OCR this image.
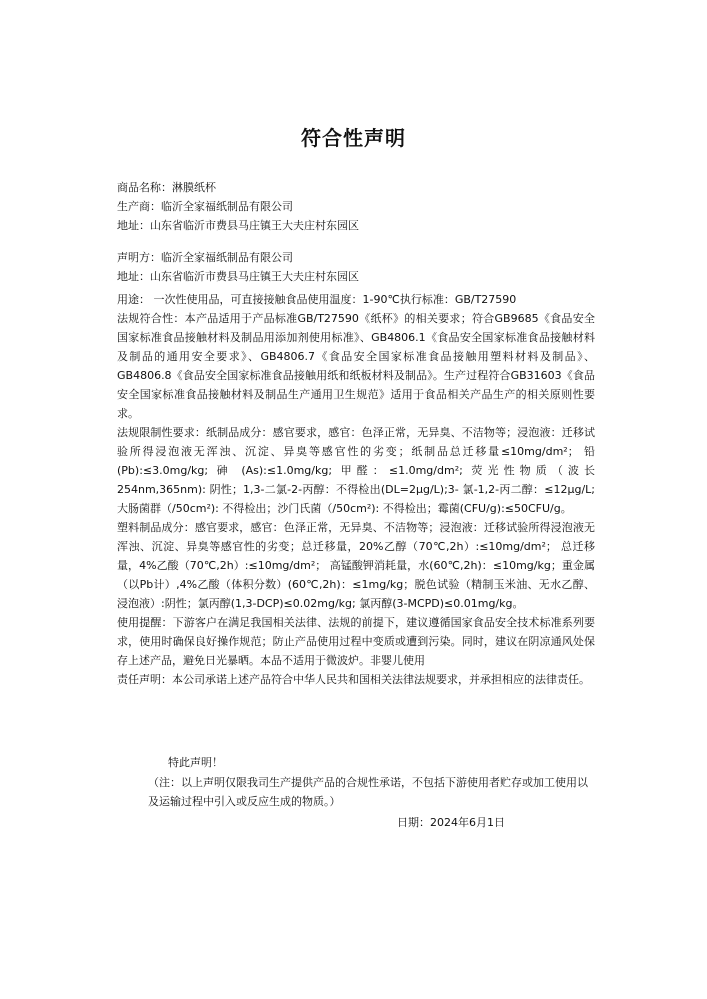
符合性声明
商品名称：淋膜纸杯
生产商：临沂全家福纸制品有限公司
地址：山东省临沂市费县马庄镇王大夫庄村东园区
声明方：临沂全家福纸制品有限公司
地址：山东省临沂市费县马庄镇王大夫庄村东园区

用途： 一次性使用品，可直接接触食品使用温度：1-90℃执行标准：GB/T27590

法规符合性：本产品适用于产品标准GB/T27590《纸杯》的相关要求；符合GB9685《食品安全国家标准食品接触材料及制品用添加剂使用标准》、GB4806.1《食品安全国家标准食品接触材料及制品的通用安全要求》、GB4806.7《食品安全国家标准食品接触用塑料材料及制品》、GB4806.8《食品安全国家标准食品接触用纸和纸板材料及制品》。生产过程符合GB31603《食品安全国家标准食品接触材料及制品生产通用卫生规范》适用于食品相关产品生产的相关原则性要求。

法规限制性要求：纸制品成分：感官要求，感官：色泽正常，无异臭、不洁物等；浸泡液：迁移试验所得浸泡液无浑浊、沉淀、异臭等感官性的劣变；纸制品总迁移量≤10mg/dm²； 铅(Pb):≤3.0mg/kg; 砷 (As):≤1.0mg/kg; 甲醛：≤1.0mg/dm²; 荧光性物质（波长254nm,365nm): 阴性；1,3-二氯-2-丙醇：不得检出(DL=2μg/L);3- 氯-1,2-丙二醇：≤12μg/L; 大肠菌群（/50cm²): 不得检出；沙门氏菌（/50cm²): 不得检出；霉菌(CFU/g):≤50CFU/g。

塑料制品成分：感官要求，感官：色泽正常，无异臭、不洁物等；浸泡液：迁移试验所得浸泡液无浑浊、沉淀、异臭等感官性的劣变；总迁移量，20%乙醇（70℃,2h）:≤10mg/dm²； 总迁移量，4%乙酸（70℃,2h）:≤10mg/dm²； 高锰酸钾消耗量，水(60℃,2h)：≤10mg/kg；重金属（以Pb计）,4%乙酸（体积分数）(60℃,2h)：≤1mg/kg；脱色试验（精制玉米油、无水乙醇、浸泡液）:阴性；氯丙醇(1,3-DCP)≤0.02mg/kg; 氯丙醇(3-MCPD)≤0.01mg/kg。

使用提醒：下游客户在满足我国相关法律、法规的前提下，建议遵循国家食品安全技术标准系列要求，使用时确保良好操作规范；防止产品使用过程中变质或遭到污染。同时，建议在阴凉通风处保存上述产品，避免日光暴晒。本品不适用于微波炉。非婴儿使用

责任声明：本公司承诺上述产品符合中华人民共和国相关法律法规要求，并承担相应的法律责任。

特此声明！
（注：以上声明仅限我司生产提供产品的合规性承诺，不包括下游使用者贮存或加工使用以及运输过程中引入或反应生成的物质。）
日期：2024年6月1日
